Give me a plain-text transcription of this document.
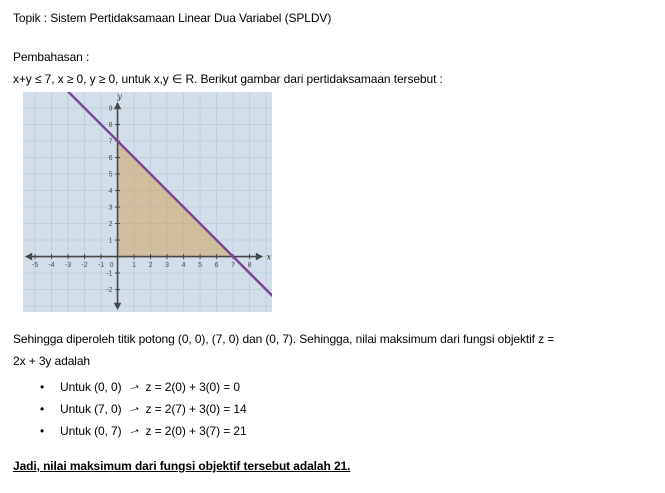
Topik : Sistem Pertidaksamaan Linear Dua Variabel (SPLDV)

Pembahasan :

x+y ≤ 7, x ≥ 0, y ≥ 0, untuk x,y ∈ R. Berikut gambar dari pertidaksamaan tersebut :

-5 -4 -3 -2 -1 0	1 2 3 4 5 6 7 8
-2
-1
1
2
3
4
5
6
7
8
9
x
y

Sehingga diperoleh titik potong (0, 0), (7, 0) dan (0, 7). Sehingga, nilai maksimum dari fungsi objektif z =

2x + 3y adalah

• Untuk (0, 0) → z = 2(0) + 3(0) = 0
• Untuk (7, 0) → z = 2(7) + 3(0) = 14
• Untuk (0, 7) → z = 2(0) + 3(7) = 21

Jadi, nilai maksimum dari fungsi objektif tersebut adalah 21.
